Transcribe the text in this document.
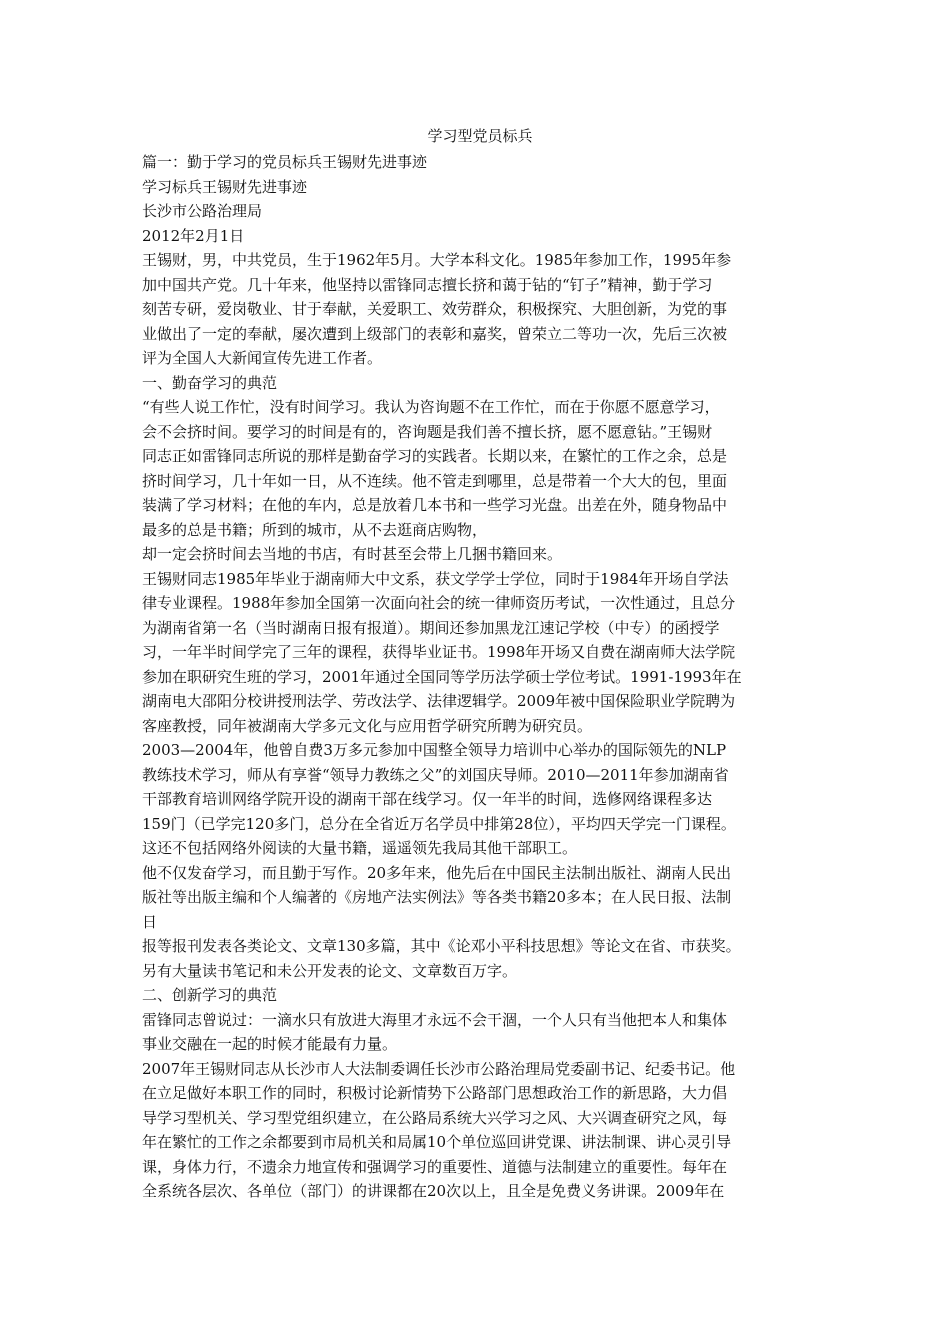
学习型党员标兵

篇一：勤于学习的党员标兵王锡财先进事迹

学习标兵王锡财先进事迹

长沙市公路治理局

2012年2月1日

王锡财，男，中共党员，生于1962年5月。大学本科文化。1985年参加工作，1995年参

加中国共产党。几十年来，他坚持以雷锋同志擅长挤和蔼于钻的“钉子”精神，勤于学习

刻苦专研，爱岗敬业、甘于奉献，关爱职工、效劳群众，积极探究、大胆创新，为党的事

业做出了一定的奉献，屡次遭到上级部门的表彰和嘉奖，曾荣立二等功一次，先后三次被

评为全国人大新闻宣传先进工作者。

一、勤奋学习的典范

“有些人说工作忙，没有时间学习。我认为咨询题不在工作忙，而在于你愿不愿意学习，

会不会挤时间。要学习的时间是有的，咨询题是我们善不擅长挤，愿不愿意钻。”王锡财

同志正如雷锋同志所说的那样是勤奋学习的实践者。长期以来，在繁忙的工作之余，总是

挤时间学习，几十年如一日，从不连续。他不管走到哪里，总是带着一个大大的包，里面

装满了学习材料；在他的车内，总是放着几本书和一些学习光盘。出差在外，随身物品中

最多的总是书籍；所到的城市，从不去逛商店购物，

却一定会挤时间去当地的书店，有时甚至会带上几捆书籍回来。

王锡财同志1985年毕业于湖南师大中文系，获文学学士学位，同时于1984年开场自学法

律专业课程。1988年参加全国第一次面向社会的统一律师资历考试，一次性通过，且总分

为湖南省第一名（当时湖南日报有报道）。期间还参加黑龙江速记学校（中专）的函授学

习，一年半时间学完了三年的课程，获得毕业证书。1998年开场又自费在湖南师大法学院

参加在职研究生班的学习，2001年通过全国同等学历法学硕士学位考试。1991-1993年在

湖南电大邵阳分校讲授刑法学、劳改法学、法律逻辑学。2009年被中国保险职业学院聘为

客座教授，同年被湖南大学多元文化与应用哲学研究所聘为研究员。

2003—2004年，他曾自费3万多元参加中国整全领导力培训中心举办的国际领先的NLP

教练技术学习，师从有享誉“领导力教练之父”的刘国庆导师。2010—2011年参加湖南省

干部教育培训网络学院开设的湖南干部在线学习。仅一年半的时间，选修网络课程多达

159门（已学完120多门，总分在全省近万名学员中排第28位），平均四天学完一门课程。

这还不包括网络外阅读的大量书籍，遥遥领先我局其他干部职工。

他不仅发奋学习，而且勤于写作。20多年来，他先后在中国民主法制出版社、湖南人民出

版社等出版主编和个人编著的《房地产法实例法》等各类书籍20多本；在人民日报、法制

日

报等报刊发表各类论文、文章130多篇，其中《论邓小平科技思想》等论文在省、市获奖。

另有大量读书笔记和未公开发表的论文、文章数百万字。

二、创新学习的典范

雷锋同志曾说过：一滴水只有放进大海里才永远不会干涸，一个人只有当他把本人和集体

事业交融在一起的时候才能最有力量。

2007年王锡财同志从长沙市人大法制委调任长沙市公路治理局党委副书记、纪委书记。他

在立足做好本职工作的同时，积极讨论新情势下公路部门思想政治工作的新思路，大力倡

导学习型机关、学习型党组织建立，在公路局系统大兴学习之风、大兴调查研究之风，每

年在繁忙的工作之余都要到市局机关和局属10个单位巡回讲党课、讲法制课、讲心灵引导

课，身体力行，不遗余力地宣传和强调学习的重要性、道德与法制建立的重要性。每年在

全系统各层次、各单位（部门）的讲课都在20次以上，且全是免费义务讲课。2009年在
